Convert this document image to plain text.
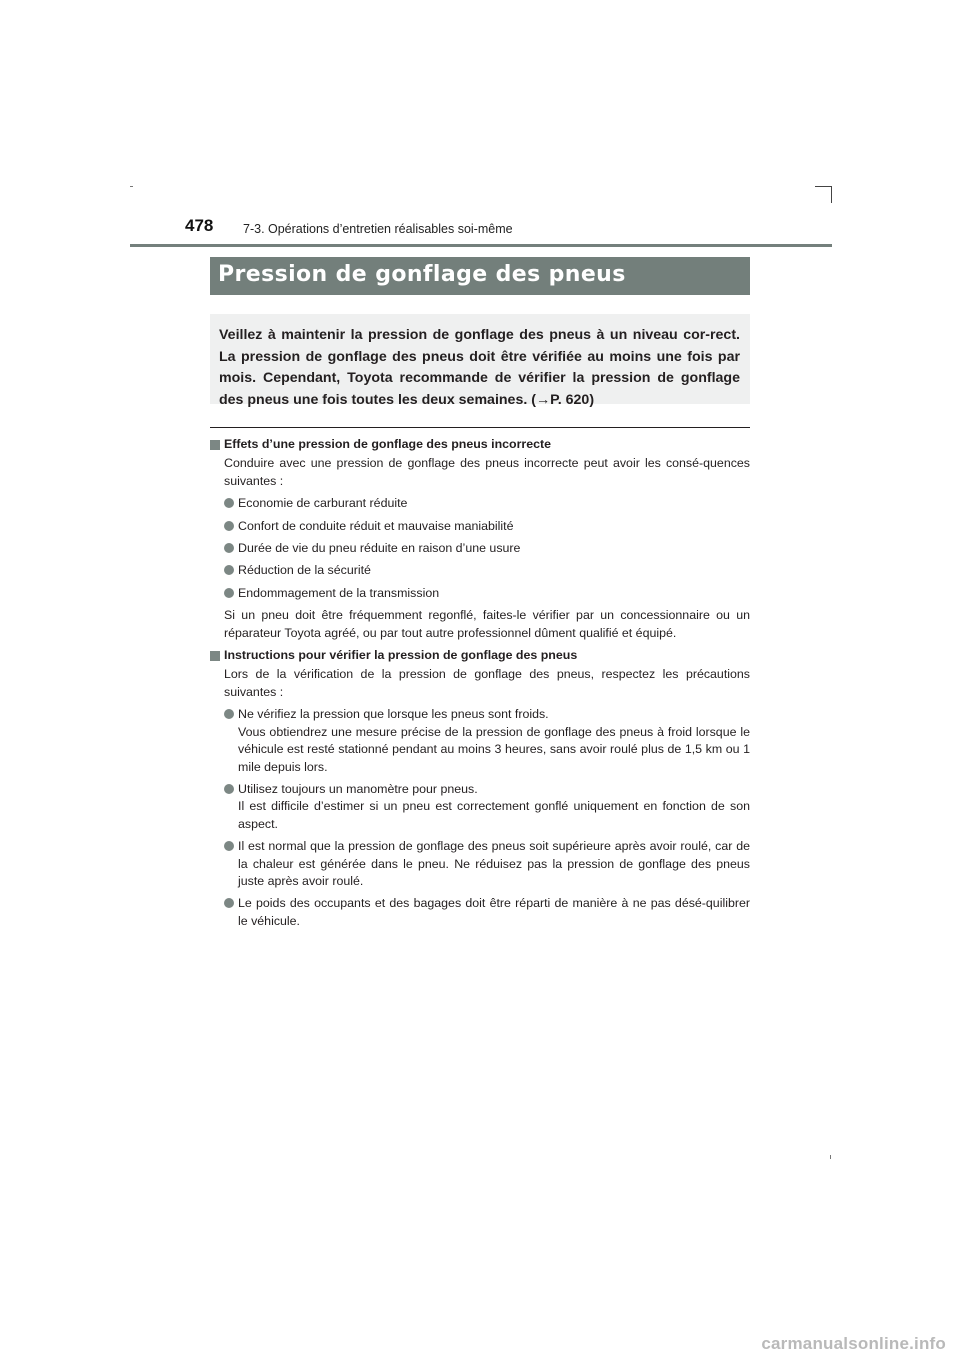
478 7-3. Opérations d’entretien réalisables soi-même
Pression de gonflage des pneus
Veillez à maintenir la pression de gonflage des pneus à un niveau cor-rect. La pression de gonflage des pneus doit être vérifiée au moins une fois par mois. Cependant, Toyota recommande de vérifier la pression de gonflage des pneus une fois toutes les deux semaines. (→P. 620)
Effets d’une pression de gonflage des pneus incorrecte
Conduire avec une pression de gonflage des pneus incorrecte peut avoir les consé-quences suivantes :
Economie de carburant réduite
Confort de conduite réduit et mauvaise maniabilité
Durée de vie du pneu réduite en raison d’une usure
Réduction de la sécurité
Endommagement de la transmission
Si un pneu doit être fréquemment regonflé, faites-le vérifier par un concessionnaire ou un réparateur Toyota agréé, ou par tout autre professionnel dûment qualifié et équipé.
Instructions pour vérifier la pression de gonflage des pneus
Lors de la vérification de la pression de gonflage des pneus, respectez les précautions suivantes :
Ne vérifiez la pression que lorsque les pneus sont froids.
Vous obtiendrez une mesure précise de la pression de gonflage des pneus à froid lorsque le véhicule est resté stationné pendant au moins 3 heures, sans avoir roulé plus de 1,5 km ou 1 mile depuis lors.
Utilisez toujours un manomètre pour pneus.
Il est difficile d’estimer si un pneu est correctement gonflé uniquement en fonction de son aspect.
Il est normal que la pression de gonflage des pneus soit supérieure après avoir roulé, car de la chaleur est générée dans le pneu. Ne réduisez pas la pression de gonflage des pneus juste après avoir roulé.
Le poids des occupants et des bagages doit être réparti de manière à ne pas désé-quilibrer le véhicule.
carmanualsonline.info
